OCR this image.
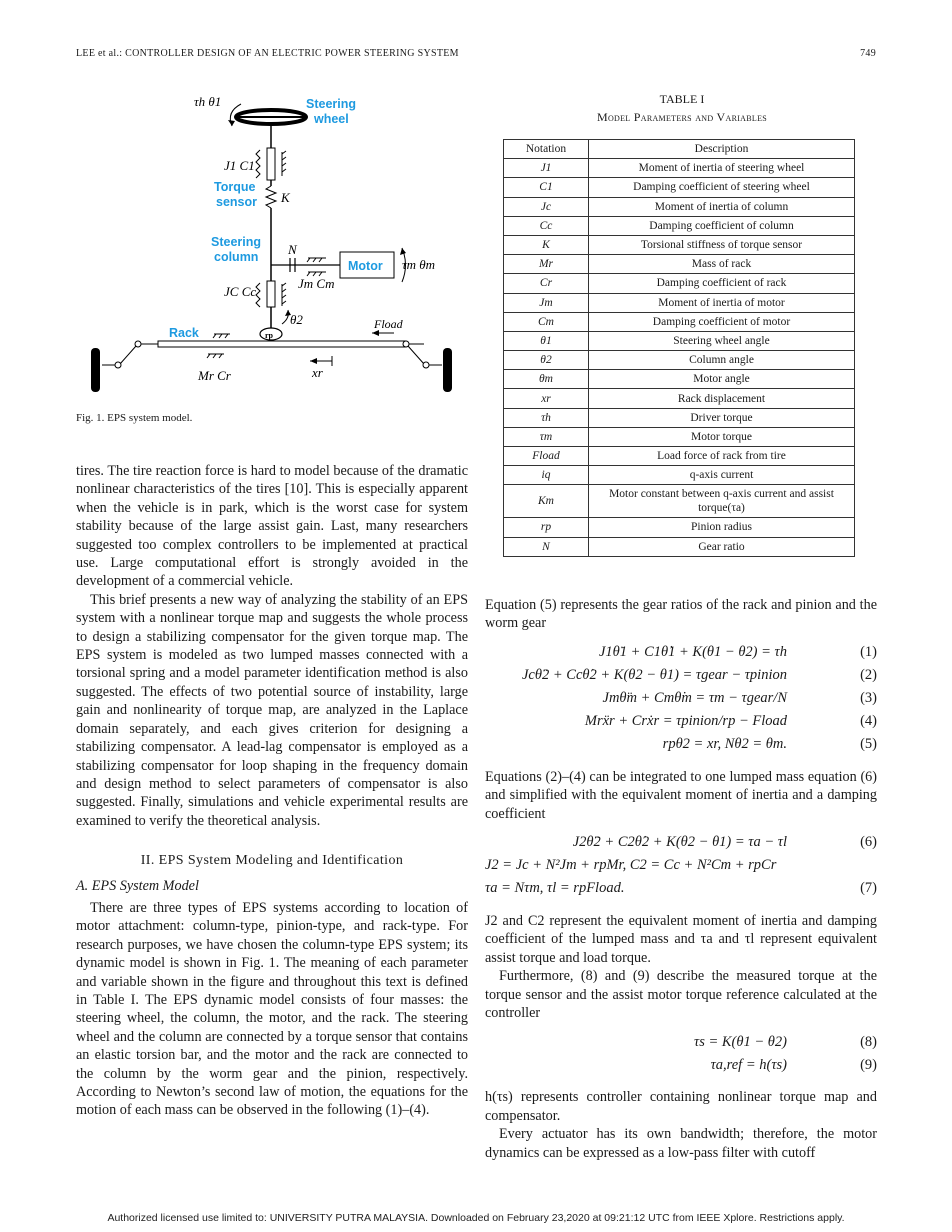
LEE et al.: CONTROLLER DESIGN OF AN ELECTRIC POWER STEERING SYSTEM	749
τh θ1	Steering
wheel
J1 C1
K
Torque
sensor
Steering
column N
Motor τm θm
JC Cc
Jm Cm
rp
θ2
Rack
Mr Cr
Fload
xr
Fig. 1. EPS system model.
TABLE I
Model Parameters and Variables
Notation	Description
J1	Moment of inertia of steering wheel
C1	Damping coefficient of steering wheel
Jc	Moment of inertia of column
Cc	Damping coefficient of column
K	Torsional stiffness of torque sensor
Mr	Mass of rack
Cr	Damping coefficient of rack
Jm	Moment of inertia of motor
Cm	Damping coefficient of motor
θ1	Steering wheel angle
θ2	Column angle
θm	Motor angle
xr	Rack displacement
τh	Driver torque
τm	Motor torque
Fload	Load force of rack from tire
iq	q-axis current
Km	Motor constant between q-axis current and assist torque(τa)
rp	Pinion radius
N	Gear ratio

tires. The tire reaction force is hard to model because of the dramatic nonlinear characteristics of the tires [10]. This is especially apparent when the vehicle is in park, which is the worst case for system stability because of the large assist gain. Last, many researchers suggested too complex controllers to be implemented at practical use. Large computational effort is strongly avoided in the development of a commercial vehicle.

This brief presents a new way of analyzing the stability of an EPS system with a nonlinear torque map and suggests the whole process to design a stabilizing compensator for the given torque map. The EPS system is modeled as two lumped masses connected with a torsional spring and a model parameter identification method is also suggested. The effects of two potential source of instability, large gain and nonlinearity of torque map, are analyzed in the Laplace domain separately, and each gives criterion for designing a stabilizing compensator. A lead-lag compensator is employed as a stabilizing compensator for loop shaping in the frequency domain and design method to select parameters of compensator is also suggested. Finally, simulations and vehicle experimental results are examined to verify the theoretical analysis.

II. EPS System Modeling and Identification
A. EPS System Model

There are three types of EPS systems according to location of motor attachment: column-type, pinion-type, and rack-type. For research purposes, we have chosen the column-type EPS system; its dynamic model is shown in Fig. 1. The meaning of each parameter and variable shown in the figure and throughout this text is defined in Table I. The EPS dynamic model consists of four masses: the steering wheel, the column, the motor, and the rack. The steering wheel and the column are connected by a torque sensor that contains an elastic torsion bar, and the motor and the rack are connected to the column by the worm gear and the pinion, respectively. According to Newton’s second law of motion, the equations for the motion of each mass can be observed in the following (1)–(4).

Equation (5) represents the gear ratios of the rack and pinion and the worm gear

J1θ̈1 + C1θ̇1 + K(θ1 − θ2) = τh	(1)
Jcθ̈2 + Ccθ̇2 + K(θ2 − θ1) = τgear − τpinion	(2)
Jmθ̈m + Cmθ̇m = τm − τgear/N	(3)
Mrẍr + Crẋr = τpinion/rp − Fload	(4)
rpθ2 = xr, Nθ2 = θm.	(5)

Equations (2)–(4) can be integrated to one lumped mass equation (6) and simplified with the equivalent moment of inertia and a damping coefficient

J2θ̈2 + C2θ̇2 + K(θ2 − θ1) = τa − τl	(6)
J2 = Jc + N²Jm + rpMr, C2 = Cc + N²Cm + rpCr
τa = Nτm, τl = rpFload.	(7)

J2 and C2 represent the equivalent moment of inertia and damping coefficient of the lumped mass and τa and τl represent equivalent assist torque and load torque.

Furthermore, (8) and (9) describe the measured torque at the torque sensor and the assist motor torque reference calculated at the controller

τs = K(θ1 − θ2)	(8)
τa,ref = h(τs)	(9)

h(τs) represents controller containing nonlinear torque map and compensator.

Every actuator has its own bandwidth; therefore, the motor dynamics can be expressed as a low-pass filter with cutoff

Authorized licensed use limited to: UNIVERSITY PUTRA MALAYSIA. Downloaded on February 23,2020 at 09:21:12 UTC from IEEE Xplore. Restrictions apply.
